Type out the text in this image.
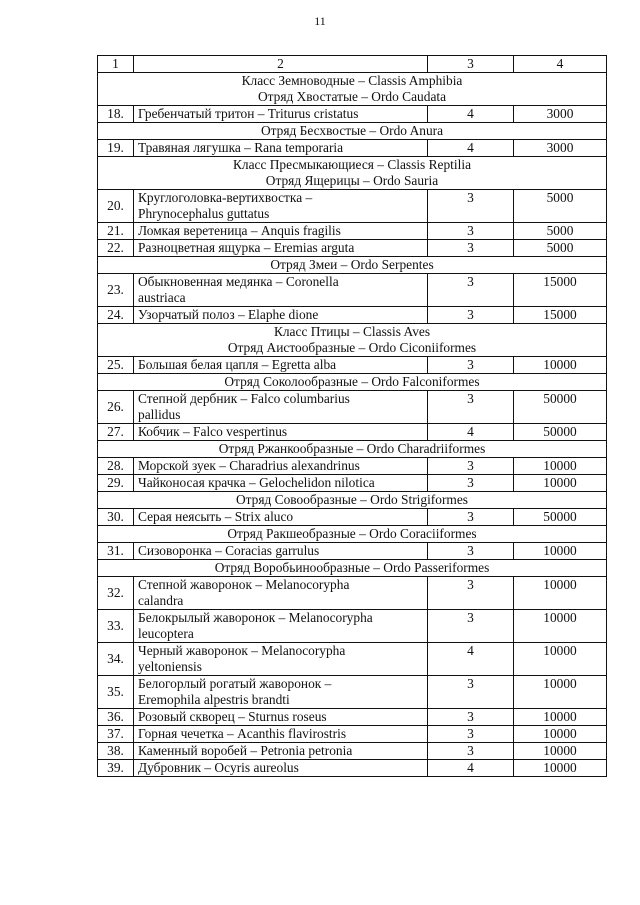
11
1	2	3	4

Класс Земноводные – Classis Amphibia
Отряд Хвостатые – Ordo Caudata			

18.	Гребенчатый тритон – Triturus cristatus	4	3000

Отряд Бесхвостые – Ordo Anura			

19.	Травяная лягушка – Rana temporaria	4	3000

Класс Пресмыкающиеся – Classis Reptilia
Отряд Ящерицы – Ordo Sauria			

20.	Круглоголовка-вертихвостка –
Phrynocephalus guttatus	3	5000
21.	Ломкая веретеница – Anquis fragilis	3	5000
22.	Разноцветная ящурка – Eremias arguta	3	5000

Отряд Змеи – Ordo Serpentes			

23.	Обыкновенная медянка – Coronella
austriaca	3	15000
24.	Узорчатый полоз – Elaphe dione	3	15000

Класс Птицы – Classis Aves
Отряд Аистообразные – Ordo Ciconiiformes			

25.	Большая белая цапля – Egretta alba	3	10000

Отряд Соколообразные – Ordo Falconiformes			

26.	Степной дербник – Falco columbarius
pallidus	3	50000
27.	Кобчик – Falco vespertinus	4	50000

Отряд Ржанкообразные – Ordo Charadriiformes			

28.	Морской зуек – Charadrius alexandrinus	3	10000
29.	Чайконосая крачка – Gelochelidon nilotica	3	10000

Отряд Совообразные – Ordo Strigiformes			

30.	Серая неясыть – Strix aluco	3	50000

Отряд Ракшеобразные – Ordo Coraciiformes			

31.	Сизоворонка – Coracias garrulus	3	10000

Отряд Воробьинообразные – Ordo Passeriformes			

32.	Степной жаворонок – Melanocorypha
calandra	3	10000
33.	Белокрылый жаворонок – Melanocorypha
leucoptera	3	10000
34.	Черный жаворонок – Melanocorypha
yeltoniensis	4	10000
35.	Белогорлый рогатый жаворонок –
Eremophila alpestris brandti	3	10000
36.	Розовый скворец – Sturnus roseus	3	10000
37.	Горная чечетка – Acanthis flavirostris	3	10000
38.	Каменный воробей – Petronia petronia	3	10000
39.	Дубровник – Ocyris aureolus	4	10000
